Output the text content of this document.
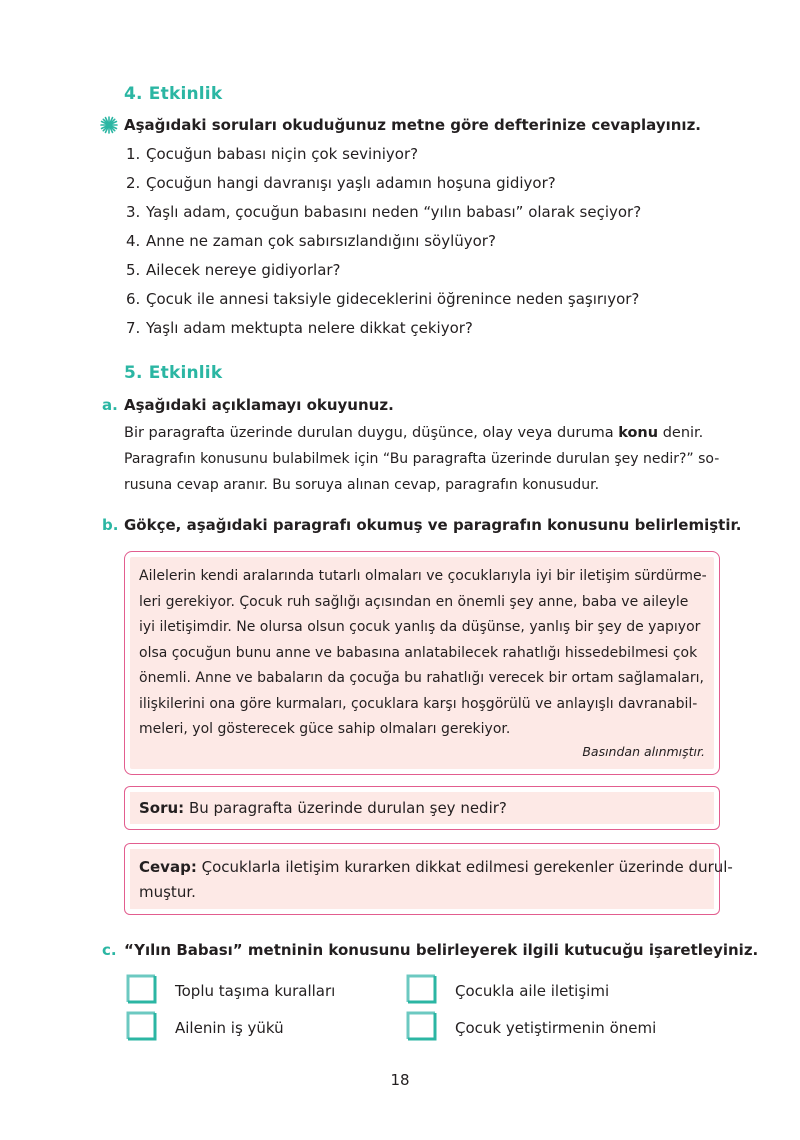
4. Etkinlik
Aşağıdaki soruları okuduğunuz metne göre defterinize cevaplayınız.
1. Çocuğun babası niçin çok seviniyor?
2. Çocuğun hangi davranışı yaşlı adamın hoşuna gidiyor?
3. Yaşlı adam, çocuğun babasını neden “yılın babası” olarak seçiyor?
4. Anne ne zaman çok sabırsızlandığını söylüyor?
5. Ailecek nereye gidiyorlar?
6. Çocuk ile annesi taksiyle gideceklerini öğrenince neden şaşırıyor?
7. Yaşlı adam mektupta nelere dikkat çekiyor?
5. Etkinlik
a. Aşağıdaki açıklamayı okuyunuz.
Bir paragrafta üzerinde durulan duygu, düşünce, olay veya duruma konu denir.
Paragrafın konusunu bulabilmek için “Bu paragrafta üzerinde durulan şey nedir?” so-
rusuna cevap aranır. Bu soruya alınan cevap, paragrafın konusudur.
b. Gökçe, aşağıdaki paragrafı okumuş ve paragrafın konusunu belirlemiştir.
Ailelerin kendi aralarında tutarlı olmaları ve çocuklarıyla iyi bir iletişim sürdürme-
leri gerekiyor. Çocuk ruh sağlığı açısından en önemli şey anne, baba ve aileyle
iyi iletişimdir. Ne olursa olsun çocuk yanlış da düşünse, yanlış bir şey de yapıyor
olsa çocuğun bunu anne ve babasına anlatabilecek rahatlığı hissedebilmesi çok
önemli. Anne ve babaların da çocuğa bu rahatlığı verecek bir ortam sağlamaları,
ilişkilerini ona göre kurmaları, çocuklara karşı hoşgörülü ve anlayışlı davranabil-
meleri, yol gösterecek güce sahip olmaları gerekiyor.
Basından alınmıştır.
Soru: Bu paragrafta üzerinde durulan şey nedir?
Cevap: Çocuklarla iletişim kurarken dikkat edilmesi gerekenler üzerinde durul-
muştur.
c. “Yılın Babası” metninin konusunu belirleyerek ilgili kutucuğu işaretleyiniz.
Toplu taşıma kuralları	Çocukla aile iletişimi
Ailenin iş yükü	Çocuk yetiştirmenin önemi
18
